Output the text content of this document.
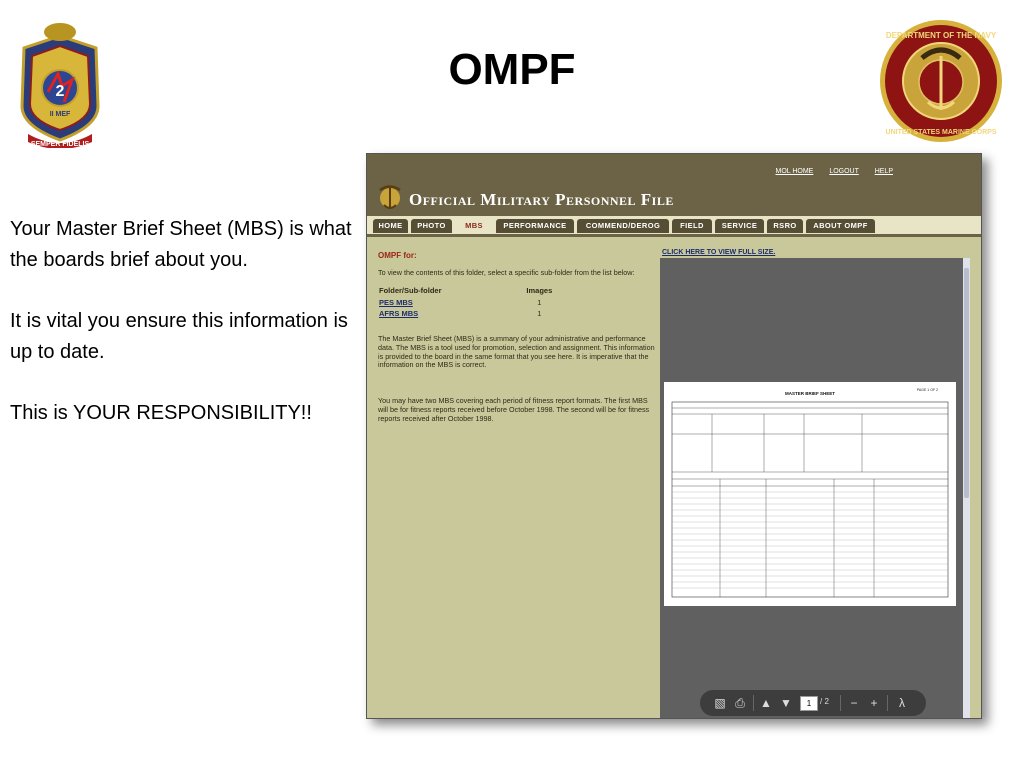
OMPF
2
SEMPER FIDELIS
II MEF
DEPARTMENT OF THE NAVY
UNITED STATES MARINE CORPS

Your Master Brief Sheet (MBS) is what the boards brief about you.

It is vital you ensure this information is up to date.

This is YOUR RESPONSIBILITY!!

MOL HOME LOGOUT HELP
Official Military Personnel File
HOME	PHOTO	MBS	PERFORMANCE	COMMEND/DEROG	FIELD	SERVICE	RSRO	ABOUT OMPF
OMPF for:
To view the contents of this folder, select a specific sub-folder from the list below:
Folder/Sub-folder	Images
PES MBS	1
AFRS MBS	1
The Master Brief Sheet (MBS) is a summary of your administrative and performance data. The MBS is a tool used for promotion, selection and assignment. This information is provided to the board in the same format that you see here. It is imperative that the information on the MBS is correct.
You may have two MBS covering each period of fitness report formats. The first MBS will be for fitness reports received before October 1998. The second will be for fitness reports received after October 1998.
CLICK HERE TO VIEW FULL SIZE.
MASTER BRIEF SHEET
PAGE 1 OF 2
▧ ⎙ ▲ ▼	1	/ 2	−	+	λ
